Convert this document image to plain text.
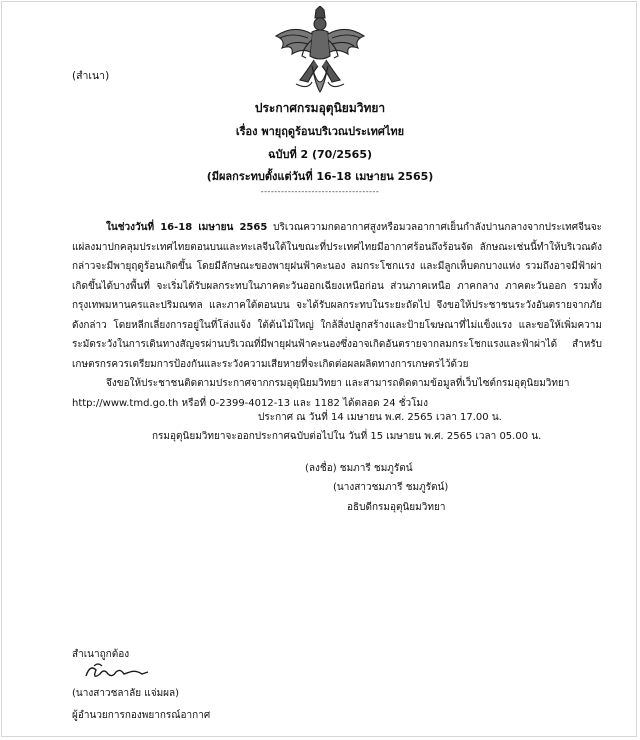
(สำเนา)
ประกาศกรมอุตุนิยมวิทยา
เรื่อง พายุฤดูร้อนบริเวณประเทศไทย
ฉบับที่ 2 (70/2565)
(มีผลกระทบตั้งแต่วันที่ 16-18 เมษายน 2565)
-----------------------------------

ในช่วงวันที่ 16-18 เมษายน 2565 บริเวณความกดอากาศสูงหรือมวลอากาศเย็นกำลังปานกลางจากประเทศจีนจะแผ่ลงมาปกคลุมประเทศไทยตอนบนและทะเลจีนใต้ในขณะที่ประเทศไทยมีอากาศร้อนถึงร้อนจัด ลักษณะเช่นนี้ทำให้บริเวณดังกล่าวจะมีพายุฤดูร้อนเกิดขึ้น โดยมีลักษณะของพายุฝนฟ้าคะนอง ลมกระโชกแรง และมีลูกเห็บตกบางแห่ง รวมถึงอาจมีฟ้าผ่าเกิดขึ้นได้บางพื้นที่ จะเริ่มได้รับผลกระทบในภาคตะวันออกเฉียงเหนือก่อน ส่วนภาคเหนือ ภาคกลาง ภาคตะวันออก รวมทั้งกรุงเทพมหานครและปริมณฑล และภาคใต้ตอนบน จะได้รับผลกระทบในระยะถัดไป จึงขอให้ประชาชนระวังอันตรายจากภัยดังกล่าว โดยหลีกเลี่ยงการอยู่ในที่โล่งแจ้ง ใต้ต้นไม้ใหญ่ ใกล้สิ่งปลูกสร้างและป้ายโฆษณาที่ไม่แข็งแรง และขอให้เพิ่มความระมัดระวังในการเดินทางสัญจรผ่านบริเวณที่มีพายุฝนฟ้าคะนองซึ่งอาจเกิดอันตรายจากลมกระโชกแรงและฟ้าผ่าได้ สำหรับเกษตรกรควรเตรียมการป้องกันและระวังความเสียหายที่จะเกิดต่อผลผลิตทางการเกษตรไว้ด้วย

จึงขอให้ประชาชนติดตามประกาศจากกรมอุตุนิยมวิทยา และสามารถติดตามข้อมูลที่เว็บไซต์กรมอุตุนิยมวิทยา

http://www.tmd.go.th หรือที่ 0-2399-4012-13 และ 1182 ได้ตลอด 24 ชั่วโมง

ประกาศ ณ วันที่ 14 เมษายน พ.ศ. 2565 เวลา 17.00 น.
กรมอุตุนิยมวิทยาจะออกประกาศฉบับต่อไปใน วันที่ 15 เมษายน พ.ศ. 2565 เวลา 05.00 น.
(ลงชื่อ) ชมภารี ชมภูรัตน์
(นางสาวชมภารี ชมภูรัตน์)
อธิบดีกรมอุตุนิยมวิทยา
สำเนาถูกต้อง
(นางสาวชลาลัย แจ่มผล)
ผู้อำนวยการกองพยากรณ์อากาศ
